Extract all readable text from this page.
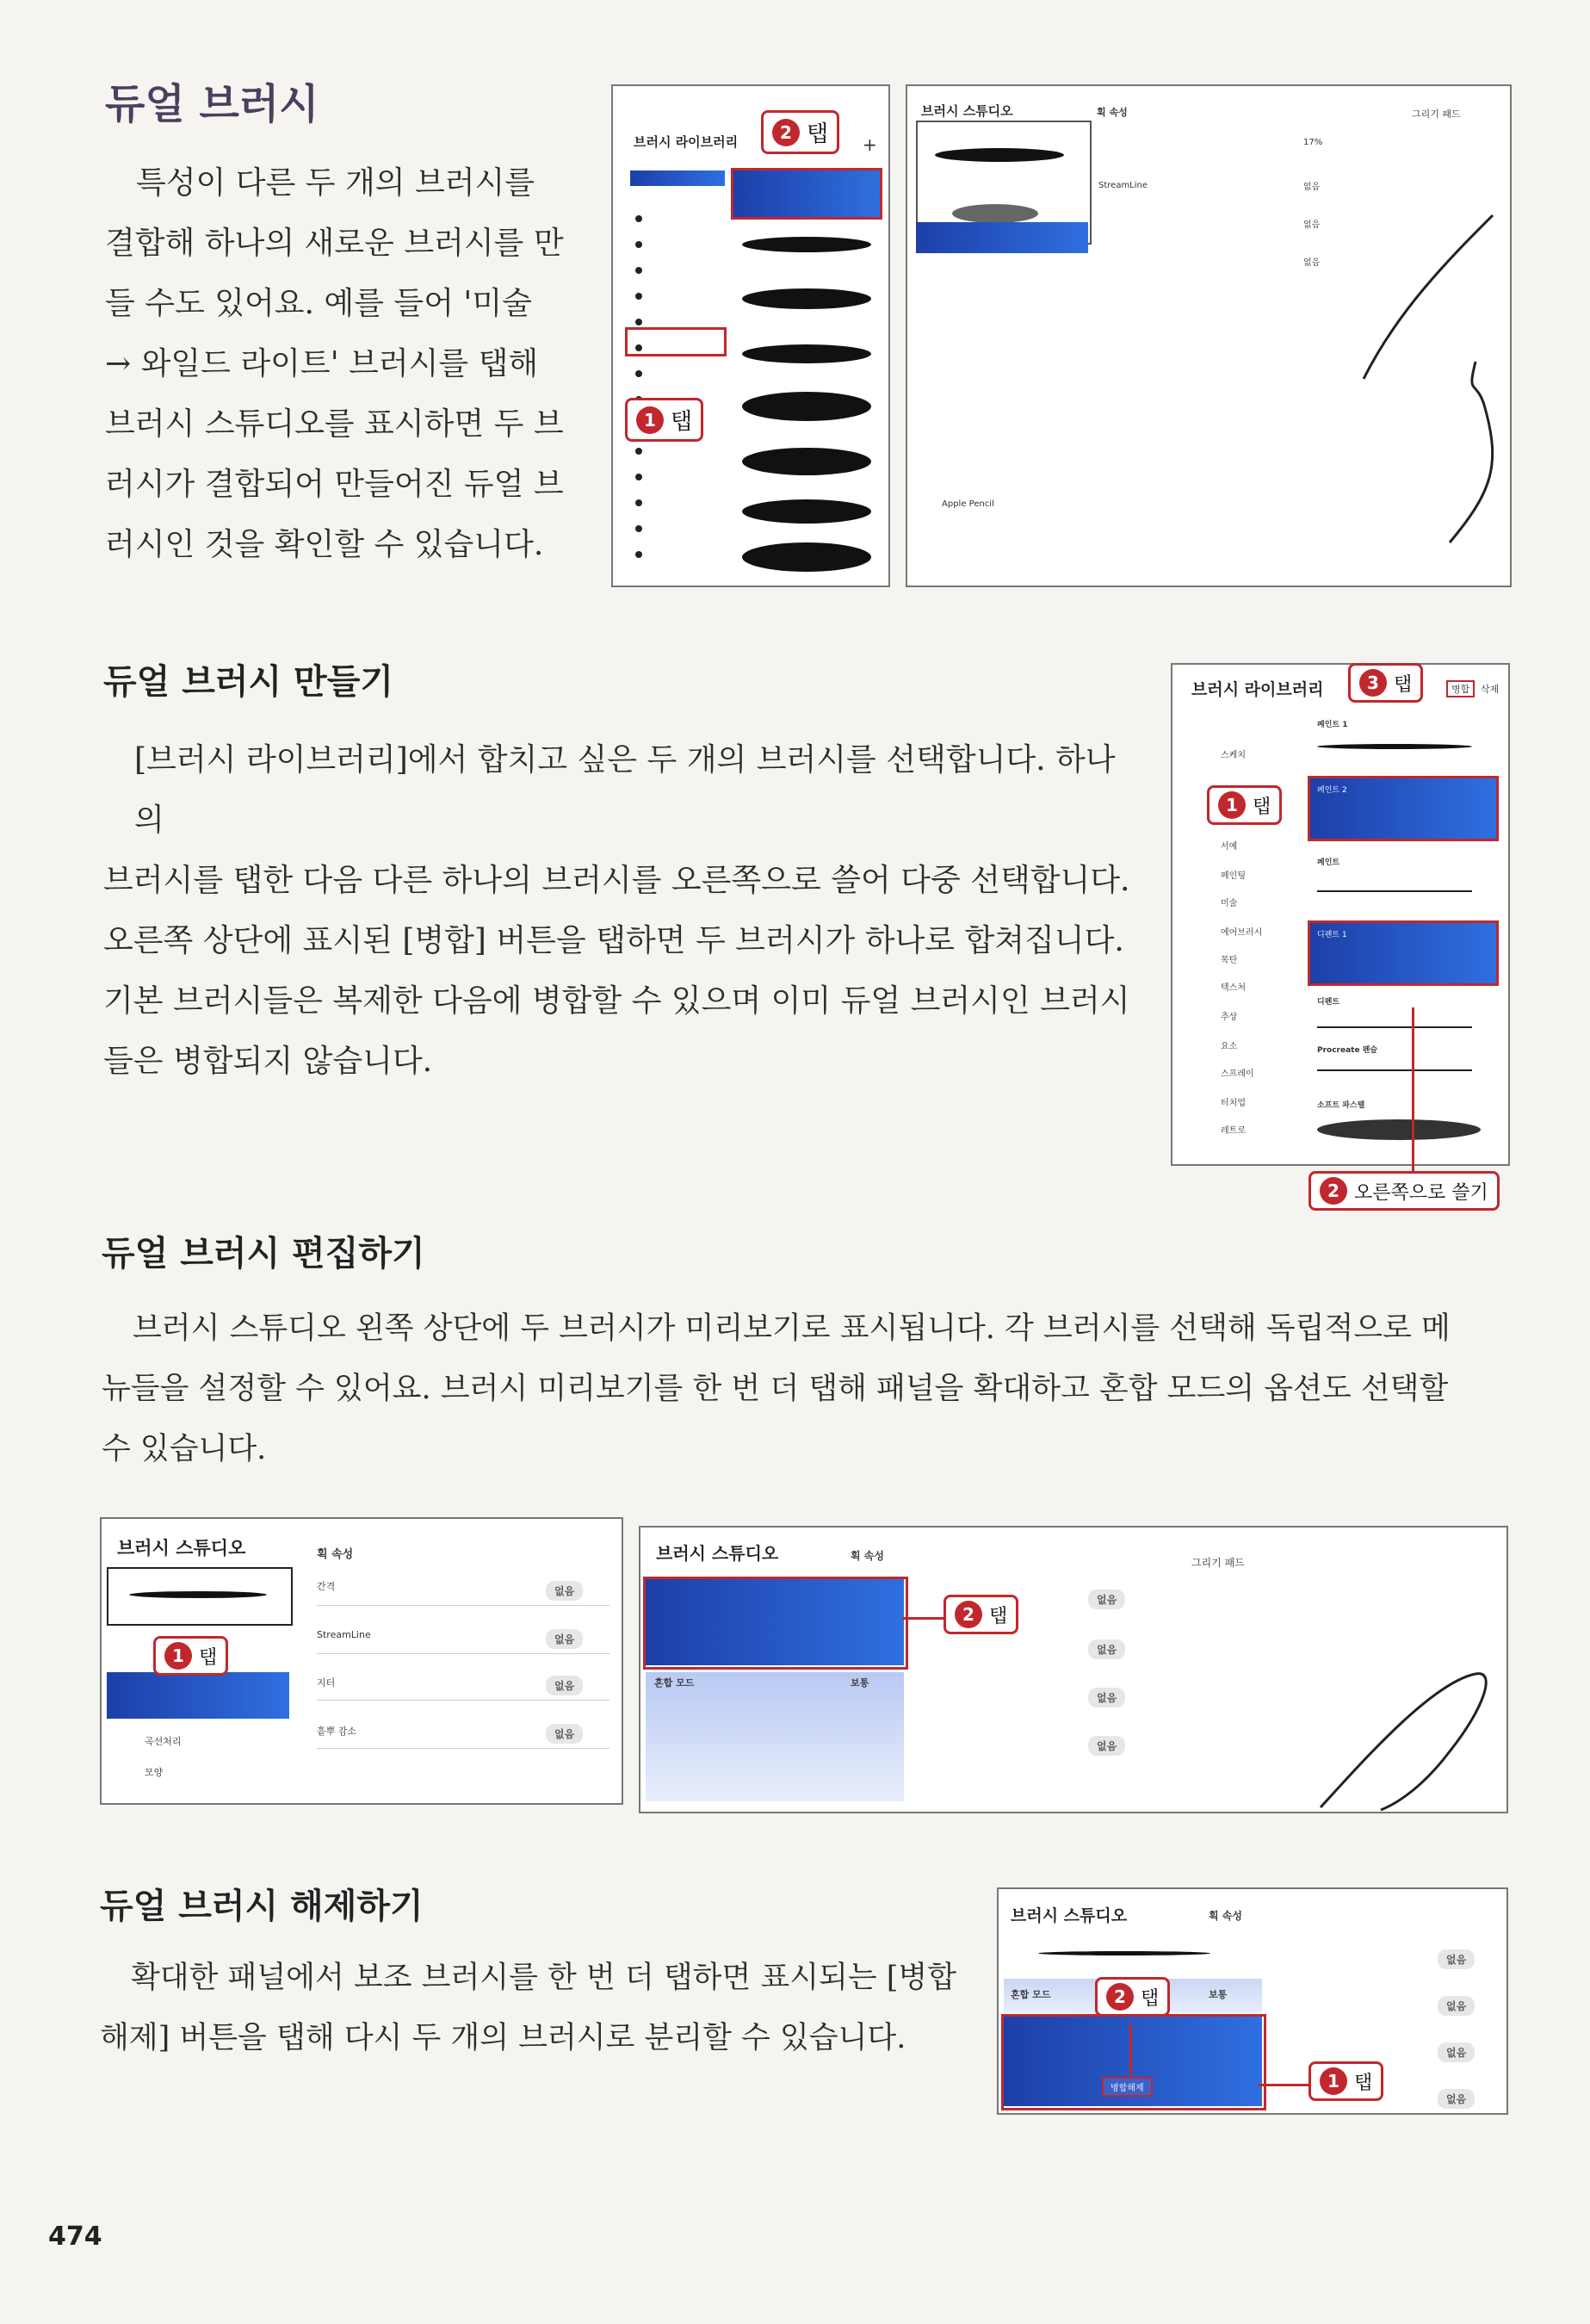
듀얼 브러시
특성이 다른 두 개의 브러시를
결합해 하나의 새로운 브러시를 만
들 수도 있어요. 예를 들어 '미술
→ 와일드 라이트' 브러시를 탭해
브러시 스튜디오를 표시하면 두 브
러시가 결합되어 만들어진 듀얼 브
러시인 것을 확인할 수 있습니다.
브러시 라이브러리	+
2 탭
1 탭
브러시 스튜디오	획 속성	그리기 패드
StreamLine
Apple Pencil
17%
없음
없음
없음
듀얼 브러시 만들기
[브러시 라이브러리]에서 합치고 싶은 두 개의 브러시를 선택합니다. 하나의
브러시를 탭한 다음 다른 하나의 브러시를 오른쪽으로 쓸어 다중 선택합니다.
오른쪽 상단에 표시된 [병합] 버튼을 탭하면 두 브러시가 하나로 합쳐집니다.
기본 브러시들은 복제한 다음에 병합할 수 있으며 이미 듀얼 브러시인 브러시
들은 병합되지 않습니다.
브러시 라이브러리	병합	삭제
스케치
서예
페인팅
미술
에어브러시
목탄
텍스처
추상
요소
스프레이
터치업
레트로
페인트 1
페인트 2
페인트
디펜트 1
디펜트
Procreate 펜슬
소프트 파스텔
3 탭
1 탭
2 오른쪽으로 쓸기
듀얼 브러시 편집하기
브러시 스튜디오 왼쪽 상단에 두 브러시가 미리보기로 표시됩니다. 각 브러시를 선택해 독립적으로 메
뉴들을 설정할 수 있어요. 브러시 미리보기를 한 번 더 탭해 패널을 확대하고 혼합 모드의 옵션도 선택할
수 있습니다.
브러시 스튜디오	획 속성
곡선처리
모양
간격
StreamLine
지터
흩뿌 감소
없음
없음
없음
없음
1 탭
브러시 스튜디오	획 속성
그리기 패드
혼합 모드	보통
없음
없음
없음
없음
2 탭
듀얼 브러시 해제하기
확대한 패널에서 보조 브러시를 한 번 더 탭하면 표시되는 [병합
해제] 버튼을 탭해 다시 두 개의 브러시로 분리할 수 있습니다.
브러시 스튜디오	획 속성
혼합 모드	보통
병합해제
없음
없음
없음
없음
2 탭
1 탭
474
